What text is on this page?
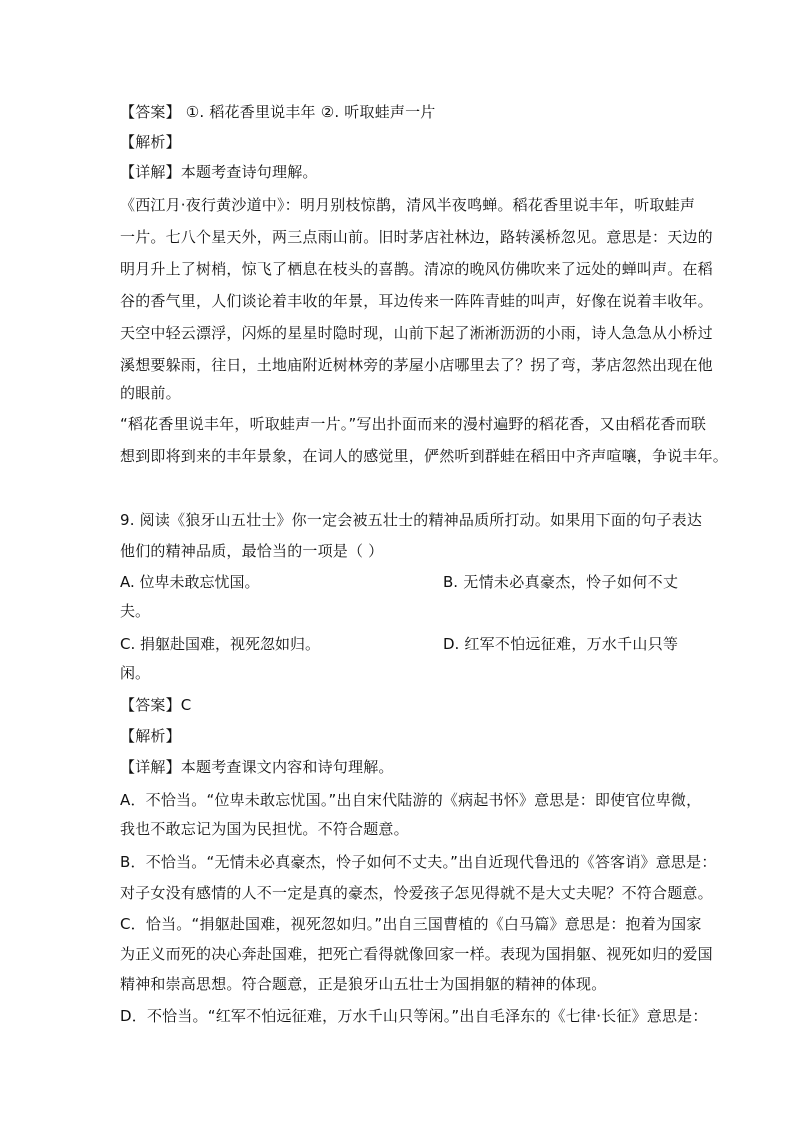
【答案】 ①. 稻花香里说丰年 ②. 听取蛙声一片
【解析】
【详解】本题考查诗句理解。
《西江月·夜行黄沙道中》：明月别枝惊鹊，清风半夜鸣蝉。稻花香里说丰年，听取蛙声
一片。七八个星天外，两三点雨山前。旧时茅店社林边，路转溪桥忽见。意思是：天边的
明月升上了树梢，惊飞了栖息在枝头的喜鹊。清凉的晚风仿佛吹来了远处的蝉叫声。在稻
谷的香气里，人们谈论着丰收的年景，耳边传来一阵阵青蛙的叫声，好像在说着丰收年。
天空中轻云漂浮，闪烁的星星时隐时现，山前下起了淅淅沥沥的小雨，诗人急急从小桥过
溪想要躲雨，往日，土地庙附近树林旁的茅屋小店哪里去了？拐了弯，茅店忽然出现在他
的眼前。
“稻花香里说丰年，听取蛙声一片。”写出扑面而来的漫村遍野的稻花香，又由稻花香而联
想到即将到来的丰年景象，在词人的感觉里，俨然听到群蛙在稻田中齐声喧嚷，争说丰年。
9. 阅读《狼牙山五壮士》你一定会被五壮士的精神品质所打动。如果用下面的句子表达
他们的精神品质，最恰当的一项是（ ）
A. 位卑未敢忘忧国。	B. 无情未必真豪杰，怜子如何不丈
夫。
C. 捐躯赴国难，视死忽如归。	D. 红军不怕远征难，万水千山只等
闲。
【答案】C
【解析】
【详解】本题考查课文内容和诗句理解。
A．不恰当。“位卑未敢忘忧国。”出自宋代陆游的《病起书怀》意思是：即使官位卑微，
我也不敢忘记为国为民担忧。不符合题意。
B．不恰当。“无情未必真豪杰，怜子如何不丈夫。”出自近现代鲁迅的《答客诮》意思是：
对子女没有感情的人不一定是真的豪杰，怜爱孩子怎见得就不是大丈夫呢？不符合题意。
C．恰当。“捐躯赴国难，视死忽如归。”出自三国曹植的《白马篇》意思是：抱着为国家
为正义而死的决心奔赴国难，把死亡看得就像回家一样。表现为国捐躯、视死如归的爱国
精神和崇高思想。符合题意，正是狼牙山五壮士为国捐躯的精神的体现。
D．不恰当。“红军不怕远征难，万水千山只等闲。”出自毛泽东的《七律·长征》意思是：
